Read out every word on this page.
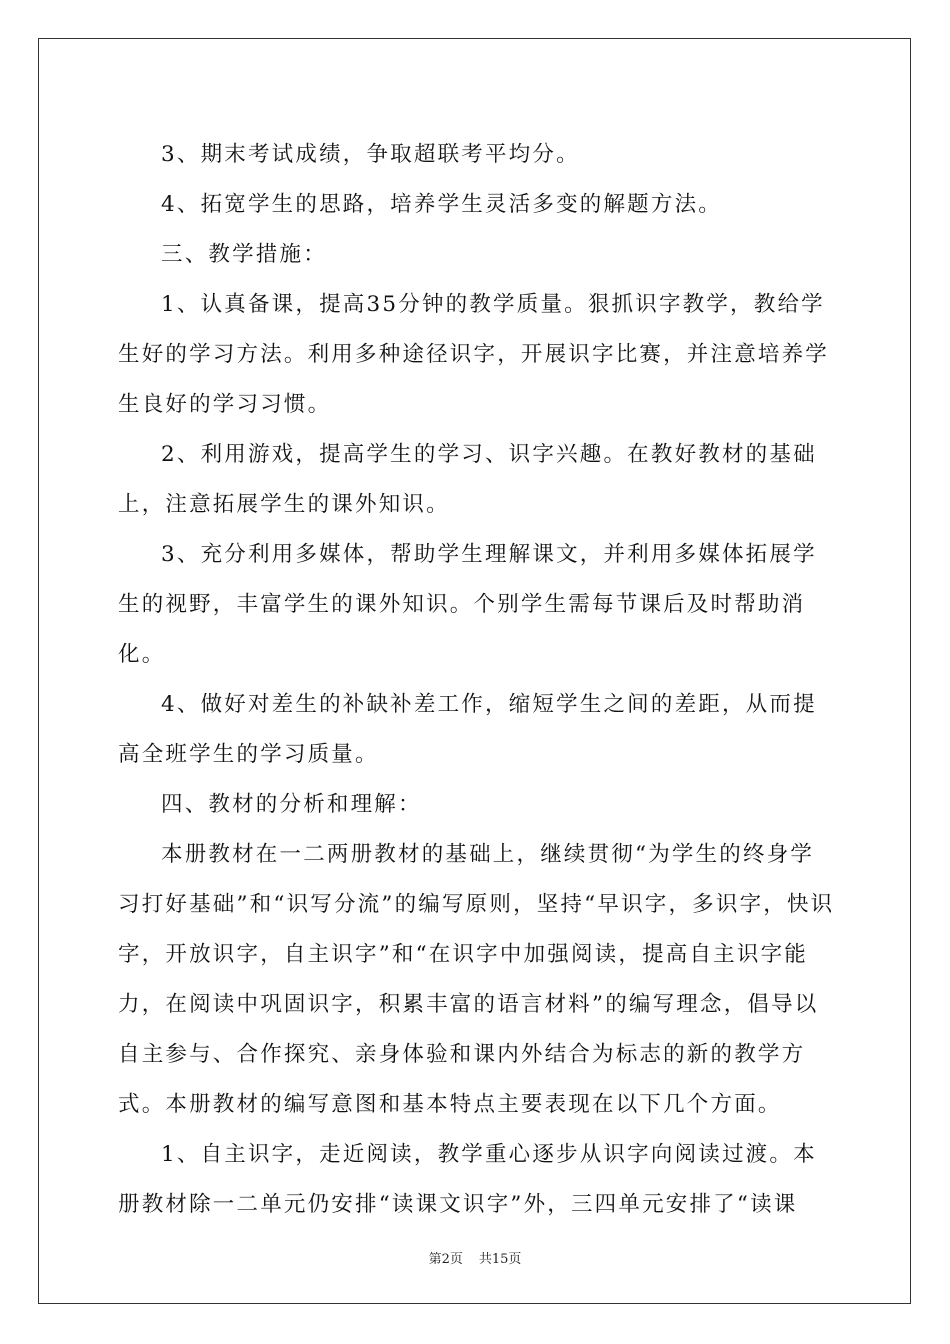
3、期末考试成绩，争取超联考平均分。

4、拓宽学生的思路，培养学生灵活多变的解题方法。

三、教学措施：

1、认真备课，提高35分钟的教学质量。狠抓识字教学，教给学生好的学习方法。利用多种途径识字，开展识字比赛，并注意培养学生良好的学习习惯。

2、利用游戏，提高学生的学习、识字兴趣。在教好教材的基础上，注意拓展学生的课外知识。

3、充分利用多媒体，帮助学生理解课文，并利用多媒体拓展学生的视野，丰富学生的课外知识。个别学生需每节课后及时帮助消化。

4、做好对差生的补缺补差工作，缩短学生之间的差距，从而提高全班学生的学习质量。

四、教材的分析和理解：

本册教材在一二两册教材的基础上，继续贯彻“为学生的终身学习打好基础”和“识写分流”的编写原则，坚持“早识字，多识字，快识字，开放识字，自主识字”和“在识字中加强阅读，提高自主识字能力，在阅读中巩固识字，积累丰富的语言材料”的编写理念，倡导以自主参与、合作探究、亲身体验和课内外结合为标志的新的教学方式。本册教材的编写意图和基本特点主要表现在以下几个方面。

1、自主识字，走近阅读，教学重心逐步从识字向阅读过渡。本册教材除一二单元仍安排“读课文识字”外，三四单元安排了“读课

第2页 共15页
